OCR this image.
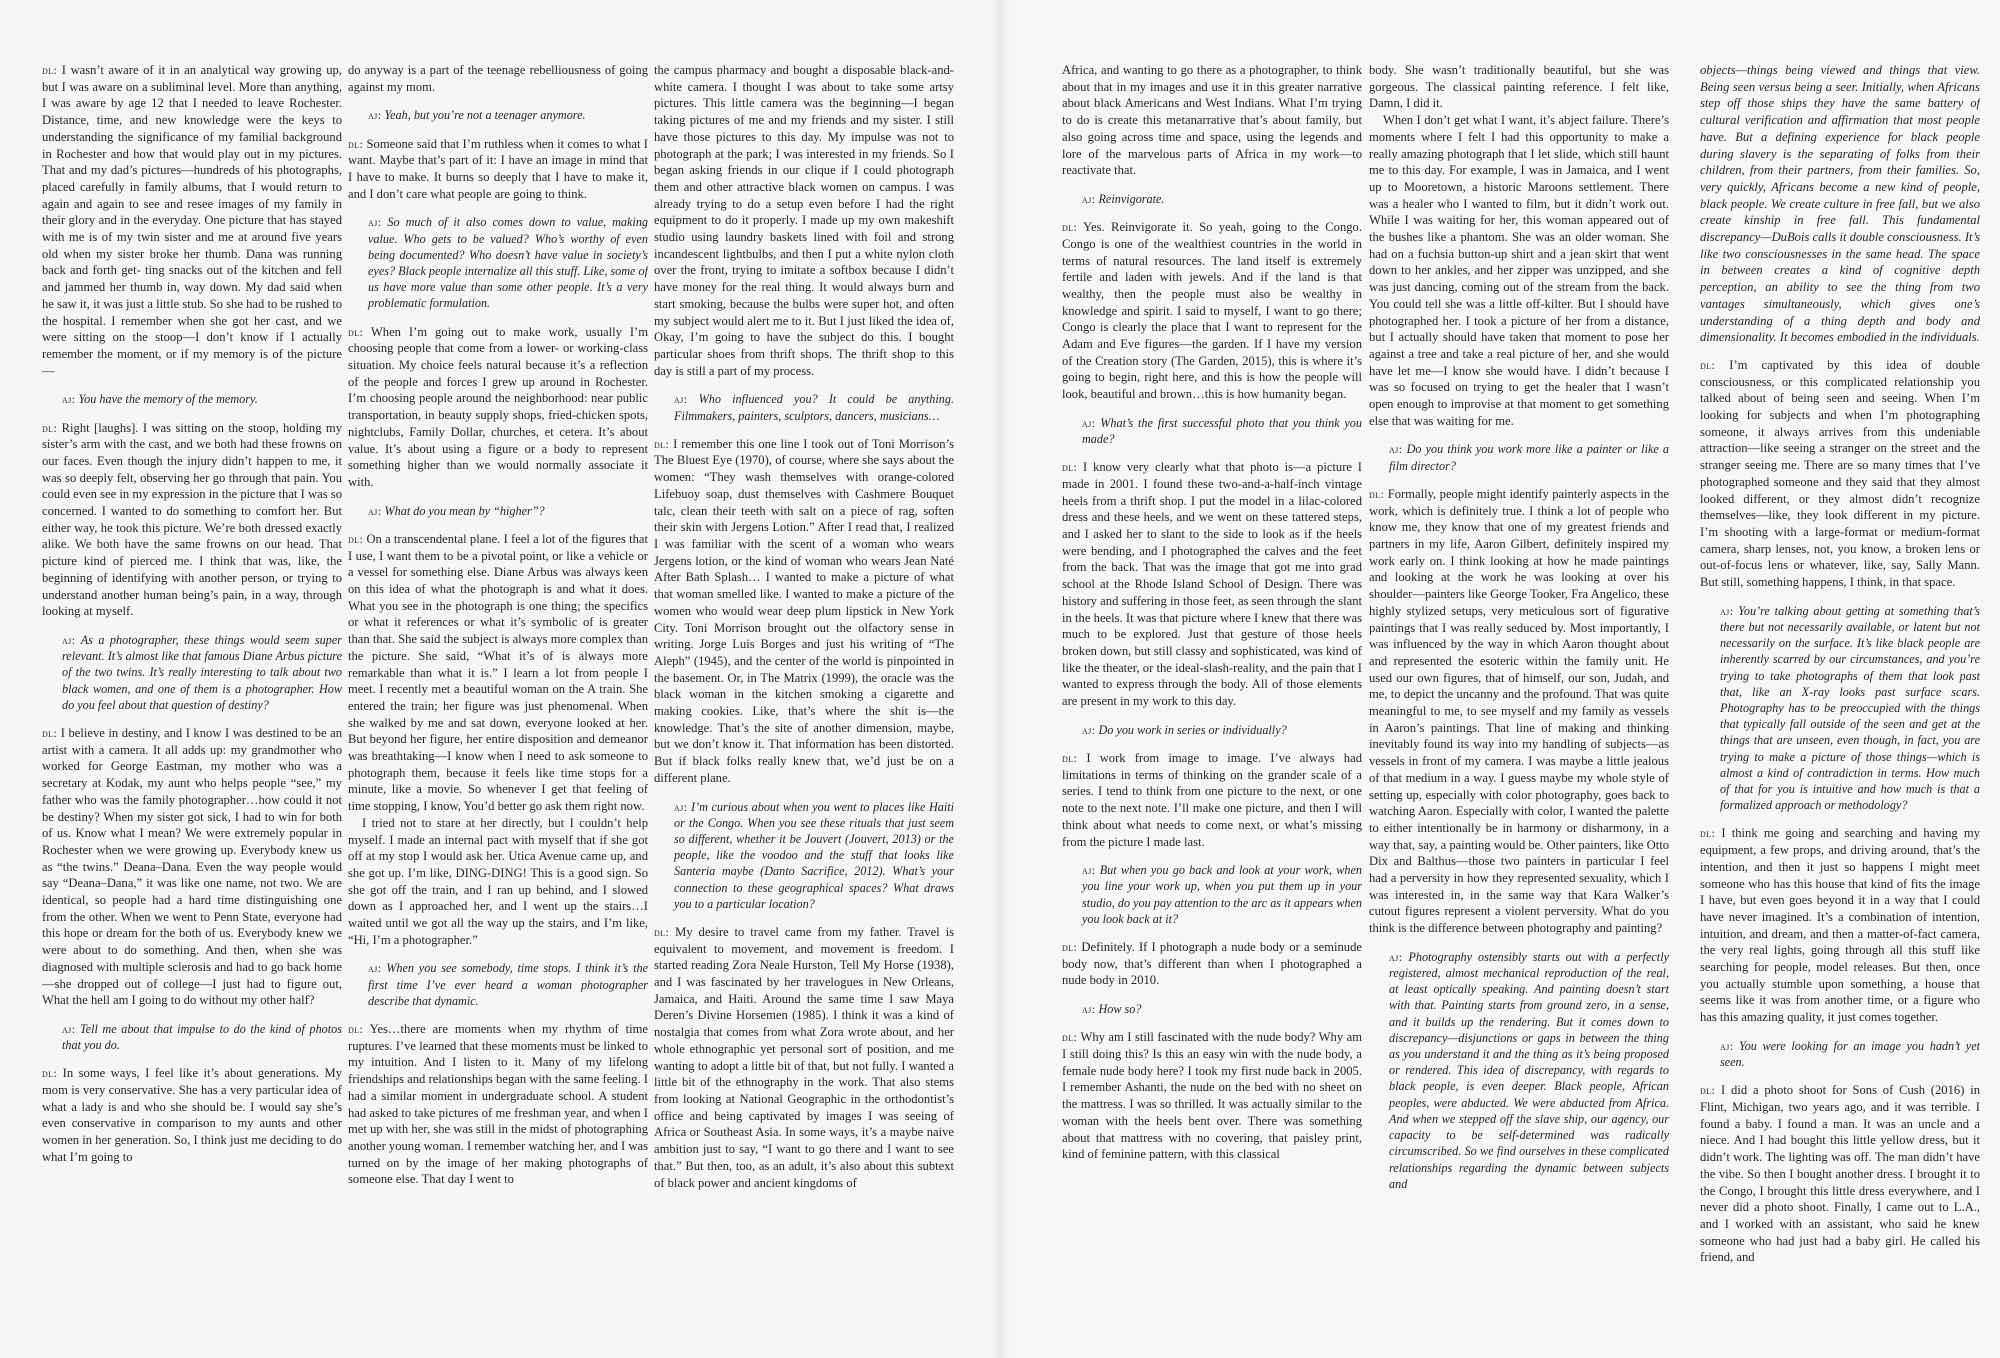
dl: I wasn’t aware of it in an analytical way growing up, but I was aware on a subliminal level. More than anything, I was aware by age 12 that I needed to leave Rochester. Distance, time, and new knowledge were the keys to understanding the significance of my familial background in Rochester and how that would play out in my pictures. That and my dad’s pictures—hundreds of his photographs, placed carefully in family albums, that I would return to again and again to see and resee images of my family in their glory and in the everyday. One picture that has stayed with me is of my twin sister and me at around five years old when my sister broke her thumb. Dana was running back and forth get- ting snacks out of the kitchen and fell and jammed her thumb in, way down. My dad said when he saw it, it was just a little stub. So she had to be rushed to the hospital. I remember when she got her cast, and we were sitting on the stoop—I don’t know if I actually remember the moment, or if my memory is of the picture—

aj: You have the memory of the memory.

dl: Right [laughs]. I was sitting on the stoop, holding my sister’s arm with the cast, and we both had these frowns on our faces. Even though the injury didn’t happen to me, it was so deeply felt, observing her go through that pain. You could even see in my expression in the picture that I was so concerned. I wanted to do something to comfort her. But either way, he took this picture. We’re both dressed exactly alike. We both have the same frowns on our head. That picture kind of pierced me. I think that was, like, the beginning of identifying with another person, or trying to understand another human being’s pain, in a way, through looking at myself.

aj: As a photographer, these things would seem super relevant. It’s almost like that famous Diane Arbus picture of the two twins. It’s really interesting to talk about two black women, and one of them is a photographer. How do you feel about that question of destiny?

dl: I believe in destiny, and I know I was destined to be an artist with a camera. It all adds up: my grandmother who worked for George Eastman, my mother who was a secretary at Kodak, my aunt who helps people “see,” my father who was the family photographer…how could it not be destiny? When my sister got sick, I had to win for both of us. Know what I mean? We were extremely popular in Rochester when we were growing up. Everybody knew us as “the twins.” Deana–Dana. Even the way people would say “Deana–Dana,” it was like one name, not two. We are identical, so people had a hard time distinguishing one from the other. When we went to Penn State, everyone had this hope or dream for the both of us. Everybody knew we were about to do something. And then, when she was diagnosed with multiple sclerosis and had to go back home—she dropped out of college—I just had to figure out, What the hell am I going to do without my other half?

aj: Tell me about that impulse to do the kind of photos that you do.

dl: In some ways, I feel like it’s about generations. My mom is very conservative. She has a very particular idea of what a lady is and who she should be. I would say she’s even conservative in comparison to my aunts and other women in her generation. So, I think just me deciding to do what I’m going to

do anyway is a part of the teenage rebelliousness of going against my mom.

aj: Yeah, but you’re not a teenager anymore.

dl: Someone said that I’m ruthless when it comes to what I want. Maybe that’s part of it: I have an image in mind that I have to make. It burns so deeply that I have to make it, and I don’t care what people are going to think.

aj: So much of it also comes down to value, making value. Who gets to be valued? Who’s worthy of even being documented? Who doesn’t have value in society’s eyes? Black people internalize all this stuff. Like, some of us have more value than some other people. It’s a very problematic formulation.

dl: When I’m going out to make work, usually I’m choosing people that come from a lower- or working-class situation. My choice feels natural because it’s a reflection of the people and forces I grew up around in Rochester. I’m choosing people around the neighborhood: near public transportation, in beauty supply shops, fried-chicken spots, nightclubs, Family Dollar, churches, et cetera. It’s about value. It’s about using a figure or a body to represent something higher than we would normally associate it with.

aj: What do you mean by “higher”?

dl: On a transcendental plane. I feel a lot of the figures that I use, I want them to be a pivotal point, or like a vehicle or a vessel for something else. Diane Arbus was always keen on this idea of what the photograph is and what it does. What you see in the photograph is one thing; the specifics or what it references or what it’s symbolic of is greater than that. She said the subject is always more complex than the picture. She said, “What it’s of is always more remarkable than what it is.” I learn a lot from people I meet. I recently met a beautiful woman on the A train. She entered the train; her figure was just phenomenal. When she walked by me and sat down, everyone looked at her. But beyond her figure, her entire disposition and demeanor was breathtaking—I know when I need to ask someone to photograph them, because it feels like time stops for a minute, like a movie. So whenever I get that feeling of time stopping, I know, You’d better go ask them right now.

I tried not to stare at her directly, but I couldn’t help myself. I made an internal pact with myself that if she got off at my stop I would ask her. Utica Avenue came up, and she got up. I’m like, DING-DING! This is a good sign. So she got off the train, and I ran up behind, and I slowed down as I approached her, and I went up the stairs…I waited until we got all the way up the stairs, and I’m like, “Hi, I’m a photographer.”

aj: When you see somebody, time stops. I think it’s the first time I’ve ever heard a woman photographer describe that dynamic.

dl: Yes…there are moments when my rhythm of time ruptures. I’ve learned that these moments must be linked to my intuition. And I listen to it. Many of my lifelong friendships and relationships began with the same feeling. I had a similar moment in undergraduate school. A student had asked to take pictures of me freshman year, and when I met up with her, she was still in the midst of photographing another young woman. I remember watching her, and I was turned on by the image of her making photographs of someone else. That day I went to

the campus pharmacy and bought a disposable black-and-white camera. I thought I was about to take some artsy pictures. This little camera was the beginning—I began taking pictures of me and my friends and my sister. I still have those pictures to this day. My impulse was not to photograph at the park; I was interested in my friends. So I began asking friends in our clique if I could photograph them and other attractive black women on campus. I was already trying to do a setup even before I had the right equipment to do it properly. I made up my own makeshift studio using laundry baskets lined with foil and strong incandescent lightbulbs, and then I put a white nylon cloth over the front, trying to imitate a softbox because I didn’t have money for the real thing. It would always burn and start smoking, because the bulbs were super hot, and often my subject would alert me to it. But I just liked the idea of, Okay, I’m going to have the subject do this. I bought particular shoes from thrift shops. The thrift shop to this day is still a part of my process.

aj: Who influenced you? It could be anything. Filmmakers, painters, sculptors, dancers, musicians…

dl: I remember this one line I took out of Toni Morrison’s The Bluest Eye (1970), of course, where she says about the women: “They wash themselves with orange-colored Lifebuoy soap, dust themselves with Cashmere Bouquet talc, clean their teeth with salt on a piece of rag, soften their skin with Jergens Lotion.” After I read that, I realized I was familiar with the scent of a woman who wears Jergens lotion, or the kind of woman who wears Jean Naté After Bath Splash… I wanted to make a picture of what that woman smelled like. I wanted to make a picture of the women who would wear deep plum lipstick in New York City. Toni Morrison brought out the olfactory sense in writing. Jorge Luis Borges and just his writing of “The Aleph” (1945), and the center of the world is pinpointed in the basement. Or, in The Matrix (1999), the oracle was the black woman in the kitchen smoking a cigarette and making cookies. Like, that’s where the shit is—the knowledge. That’s the site of another dimension, maybe, but we don’t know it. That information has been distorted. But if black folks really knew that, we’d just be on a different plane.

aj: I’m curious about when you went to places like Haiti or the Congo. When you see these rituals that just seem so different, whether it be Jouvert (Jouvert, 2013) or the people, like the voodoo and the stuff that looks like Santeria maybe (Danto Sacrifice, 2012). What’s your connection to these geographical spaces? What draws you to a particular location?

dl: My desire to travel came from my father. Travel is equivalent to movement, and movement is freedom. I started reading Zora Neale Hurston, Tell My Horse (1938), and I was fascinated by her travelogues in New Orleans, Jamaica, and Haiti. Around the same time I saw Maya Deren’s Divine Horsemen (1985). I think it was a kind of nostalgia that comes from what Zora wrote about, and her whole ethnographic yet personal sort of position, and me wanting to adopt a little bit of that, but not fully. I wanted a little bit of the ethnography in the work. That also stems from looking at National Geographic in the orthodontist’s office and being captivated by images I was seeing of Africa or Southeast Asia. In some ways, it’s a maybe naive ambition just to say, “I want to go there and I want to see that.” But then, too, as an adult, it’s also about this subtext of black power and ancient kingdoms of

Africa, and wanting to go there as a photographer, to think about that in my images and use it in this greater narrative about black Americans and West Indians. What I’m trying to do is create this metanarrative that’s about family, but also going across time and space, using the legends and lore of the marvelous parts of Africa in my work—to reactivate that.

aj: Reinvigorate.

dl: Yes. Reinvigorate it. So yeah, going to the Congo. Congo is one of the wealthiest countries in the world in terms of natural resources. The land itself is extremely fertile and laden with jewels. And if the land is that wealthy, then the people must also be wealthy in knowledge and spirit. I said to myself, I want to go there; Congo is clearly the place that I want to represent for the Adam and Eve figures—the garden. If I have my version of the Creation story (The Garden, 2015), this is where it’s going to begin, right here, and this is how the people will look, beautiful and brown…this is how humanity began.

aj: What’s the first successful photo that you think you made?

dl: I know very clearly what that photo is—a picture I made in 2001. I found these two-and-a-half-inch vintage heels from a thrift shop. I put the model in a lilac-colored dress and these heels, and we went on these tattered steps, and I asked her to slant to the side to look as if the heels were bending, and I photographed the calves and the feet from the back. That was the image that got me into grad school at the Rhode Island School of Design. There was history and suffering in those feet, as seen through the slant in the heels. It was that picture where I knew that there was much to be explored. Just that gesture of those heels broken down, but still classy and sophisticated, was kind of like the theater, or the ideal-slash-reality, and the pain that I wanted to express through the body. All of those elements are present in my work to this day.

aj: Do you work in series or individually?

dl: I work from image to image. I’ve always had limitations in terms of thinking on the grander scale of a series. I tend to think from one picture to the next, or one note to the next note. I’ll make one picture, and then I will think about what needs to come next, or what’s missing from the picture I made last.

aj: But when you go back and look at your work, when you line your work up, when you put them up in your studio, do you pay attention to the arc as it appears when you look back at it?

dl: Definitely. If I photograph a nude body or a seminude body now, that’s different than when I photographed a nude body in 2010.

aj: How so?

dl: Why am I still fascinated with the nude body? Why am I still doing this? Is this an easy win with the nude body, a female nude body here? I took my first nude back in 2005. I remember Ashanti, the nude on the bed with no sheet on the mattress. I was so thrilled. It was actually similar to the woman with the heels bent over. There was something about that mattress with no covering, that paisley print, kind of feminine pattern, with this classical

body. She wasn’t traditionally beautiful, but she was gorgeous. The classical painting reference. I felt like, Damn, I did it.

When I don’t get what I want, it’s abject failure. There’s moments where I felt I had this opportunity to make a really amazing photograph that I let slide, which still haunt me to this day. For example, I was in Jamaica, and I went up to Mooretown, a historic Maroons settlement. There was a healer who I wanted to film, but it didn’t work out. While I was waiting for her, this woman appeared out of the bushes like a phantom. She was an older woman. She had on a fuchsia button-up shirt and a jean skirt that went down to her ankles, and her zipper was unzipped, and she was just dancing, coming out of the stream from the back. You could tell she was a little off-kilter. But I should have photographed her. I took a picture of her from a distance, but I actually should have taken that moment to pose her against a tree and take a real picture of her, and she would have let me—I know she would have. I didn’t because I was so focused on trying to get the healer that I wasn’t open enough to improvise at that moment to get something else that was waiting for me.

aj: Do you think you work more like a painter or like a film director?

dl: Formally, people might identify painterly aspects in the work, which is definitely true. I think a lot of people who know me, they know that one of my greatest friends and partners in my life, Aaron Gilbert, definitely inspired my work early on. I think looking at how he made paintings and looking at the work he was looking at over his shoulder—painters like George Tooker, Fra Angelico, these highly stylized setups, very meticulous sort of figurative paintings that I was really seduced by. Most importantly, I was influenced by the way in which Aaron thought about and represented the esoteric within the family unit. He used our own figures, that of himself, our son, Judah, and me, to depict the uncanny and the profound. That was quite meaningful to me, to see myself and my family as vessels in Aaron’s paintings. That line of making and thinking inevitably found its way into my handling of subjects—as vessels in front of my camera. I was maybe a little jealous of that medium in a way. I guess maybe my whole style of setting up, especially with color photography, goes back to watching Aaron. Especially with color, I wanted the palette to either intentionally be in harmony or disharmony, in a way that, say, a painting would be. Other painters, like Otto Dix and Balthus—those two painters in particular I feel had a perversity in how they represented sexuality, which I was interested in, in the same way that Kara Walker’s cutout figures represent a violent perversity. What do you think is the difference between photography and painting?

aj: Photography ostensibly starts out with a perfectly registered, almost mechanical reproduction of the real, at least optically speaking. And painting doesn’t start with that. Painting starts from ground zero, in a sense, and it builds up the rendering. But it comes down to discrepancy—disjunctions or gaps in between the thing as you understand it and the thing as it’s being proposed or rendered. This idea of discrepancy, with regards to black people, is even deeper. Black people, African peoples, were abducted. We were abducted from Africa. And when we stepped off the slave ship, our agency, our capacity to be self-determined was radically circumscribed. So we find ourselves in these complicated relationships regarding the dynamic between subjects and

objects—things being viewed and things that view. Being seen versus being a seer. Initially, when Africans step off those ships they have the same battery of cultural verification and affirmation that most people have. But a defining experience for black people during slavery is the separating of folks from their children, from their partners, from their families. So, very quickly, Africans become a new kind of people, black people. We create culture in free fall, but we also create kinship in free fall. This fundamental discrepancy—DuBois calls it double consciousness. It’s like two consciousnesses in the same head. The space in between creates a kind of cognitive depth perception, an ability to see the thing from two vantages simultaneously, which gives one’s understanding of a thing depth and body and dimensionality. It becomes embodied in the individuals.

dl: I’m captivated by this idea of double consciousness, or this complicated relationship you talked about of being seen and seeing. When I’m looking for subjects and when I’m photographing someone, it always arrives from this undeniable attraction—like seeing a stranger on the street and the stranger seeing me. There are so many times that I’ve photographed someone and they said that they almost looked different, or they almost didn’t recognize themselves—like, they look different in my picture. I’m shooting with a large-format or medium-format camera, sharp lenses, not, you know, a broken lens or out-of-focus lens or whatever, like, say, Sally Mann. But still, something happens, I think, in that space.

aj: You’re talking about getting at something that’s there but not necessarily available, or latent but not necessarily on the surface. It’s like black people are inherently scarred by our circumstances, and you’re trying to take photographs of them that look past that, like an X-ray looks past surface scars. Photography has to be preoccupied with the things that typically fall outside of the seen and get at the things that are unseen, even though, in fact, you are trying to make a picture of those things—which is almost a kind of contradiction in terms. How much of that for you is intuitive and how much is that a formalized approach or methodology?

dl: I think me going and searching and having my equipment, a few props, and driving around, that’s the intention, and then it just so happens I might meet someone who has this house that kind of fits the image I have, but even goes beyond it in a way that I could have never imagined. It’s a combination of intention, intuition, and dream, and then a matter-of-fact camera, the very real lights, going through all this stuff like searching for people, model releases. But then, once you actually stumble upon something, a house that seems like it was from another time, or a figure who has this amazing quality, it just comes together.

aj: You were looking for an image you hadn’t yet seen.

dl: I did a photo shoot for Sons of Cush (2016) in Flint, Michigan, two years ago, and it was terrible. I found a baby. I found a man. It was an uncle and a niece. And I had bought this little yellow dress, but it didn’t work. The lighting was off. The man didn’t have the vibe. So then I bought another dress. I brought it to the Congo, I brought this little dress everywhere, and I never did a photo shoot. Finally, I came out to L.A., and I worked with an assistant, who said he knew someone who had just had a baby girl. He called his friend, and
